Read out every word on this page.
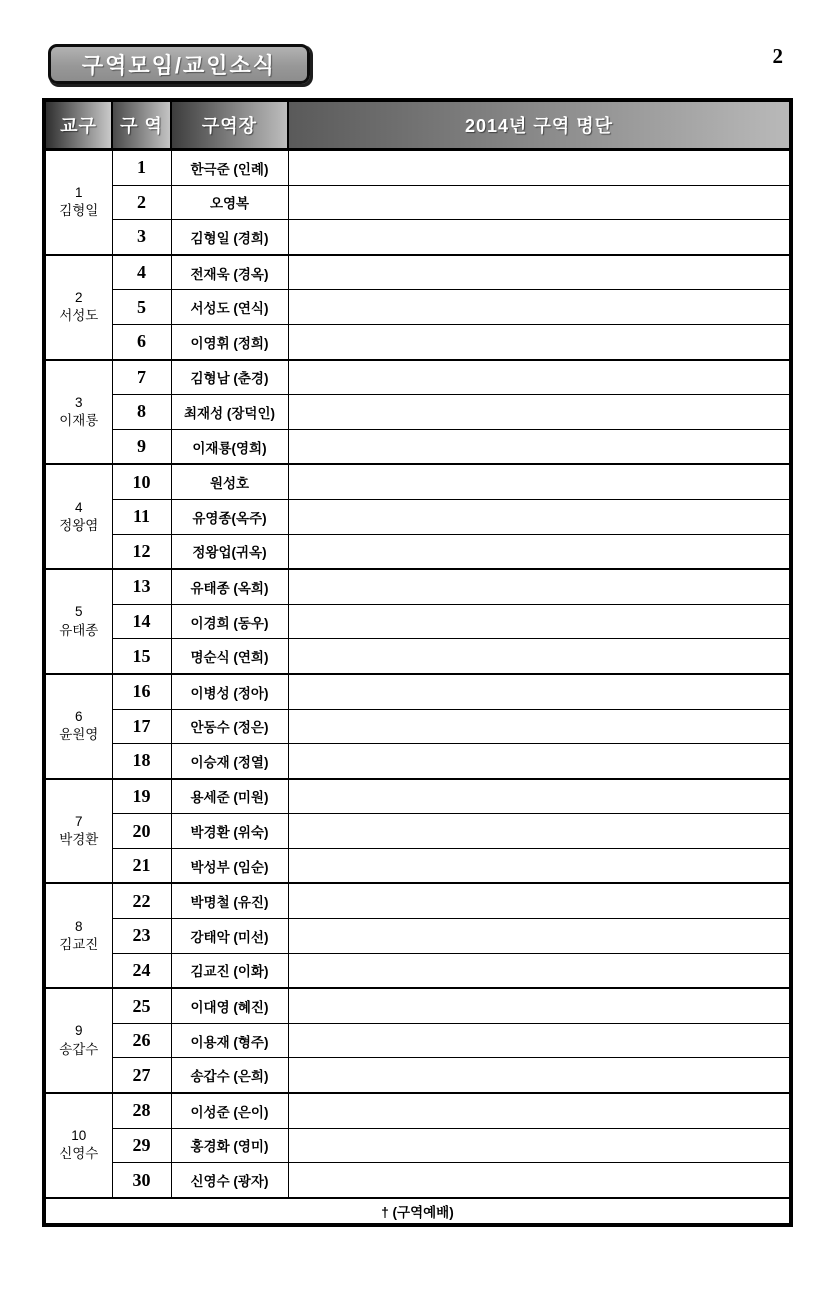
구역모임/교인소식	2
교구	구 역	구역장	2014년 구역 명단

1
김형일	1	한극준 (인례)	
	2	오영복	
	3	김형일 (경희)	

2
서성도	4	전재욱 (경옥)	
	5	서성도 (연식)	
	6	이영휘 (정희)	

3
이재룡	7	김형남 (춘경)	
	8	최재성 (장덕인)	
	9	이재룡(영희)	

4
정왕염	10	원성호	
	11	유영종(옥주)	
	12	정왕업(귀옥)	

5
유태종	13	유태종 (옥희)	
	14	이경희 (동우)	
	15	명순식 (연희)	

6
윤원영	16	이병성 (정아)	
	17	안동수 (정은)	
	18	이승재 (정열)	

7
박경환	19	용세준 (미원)	
	20	박경환 (위숙)	
	21	박성부 (임순)	

8
김교진	22	박명철 (유진)	
	23	강태악 (미선)	
	24	김교진 (이화)	

9
송갑수	25	이대영 (혜진)	
	26	이용재 (형주)	
	27	송갑수 (은희)	

10
신영수	28	이성준 (은이)	
	29	홍경화 (영미)	
	30	신영수 (광자)	
† (구역예배)			
